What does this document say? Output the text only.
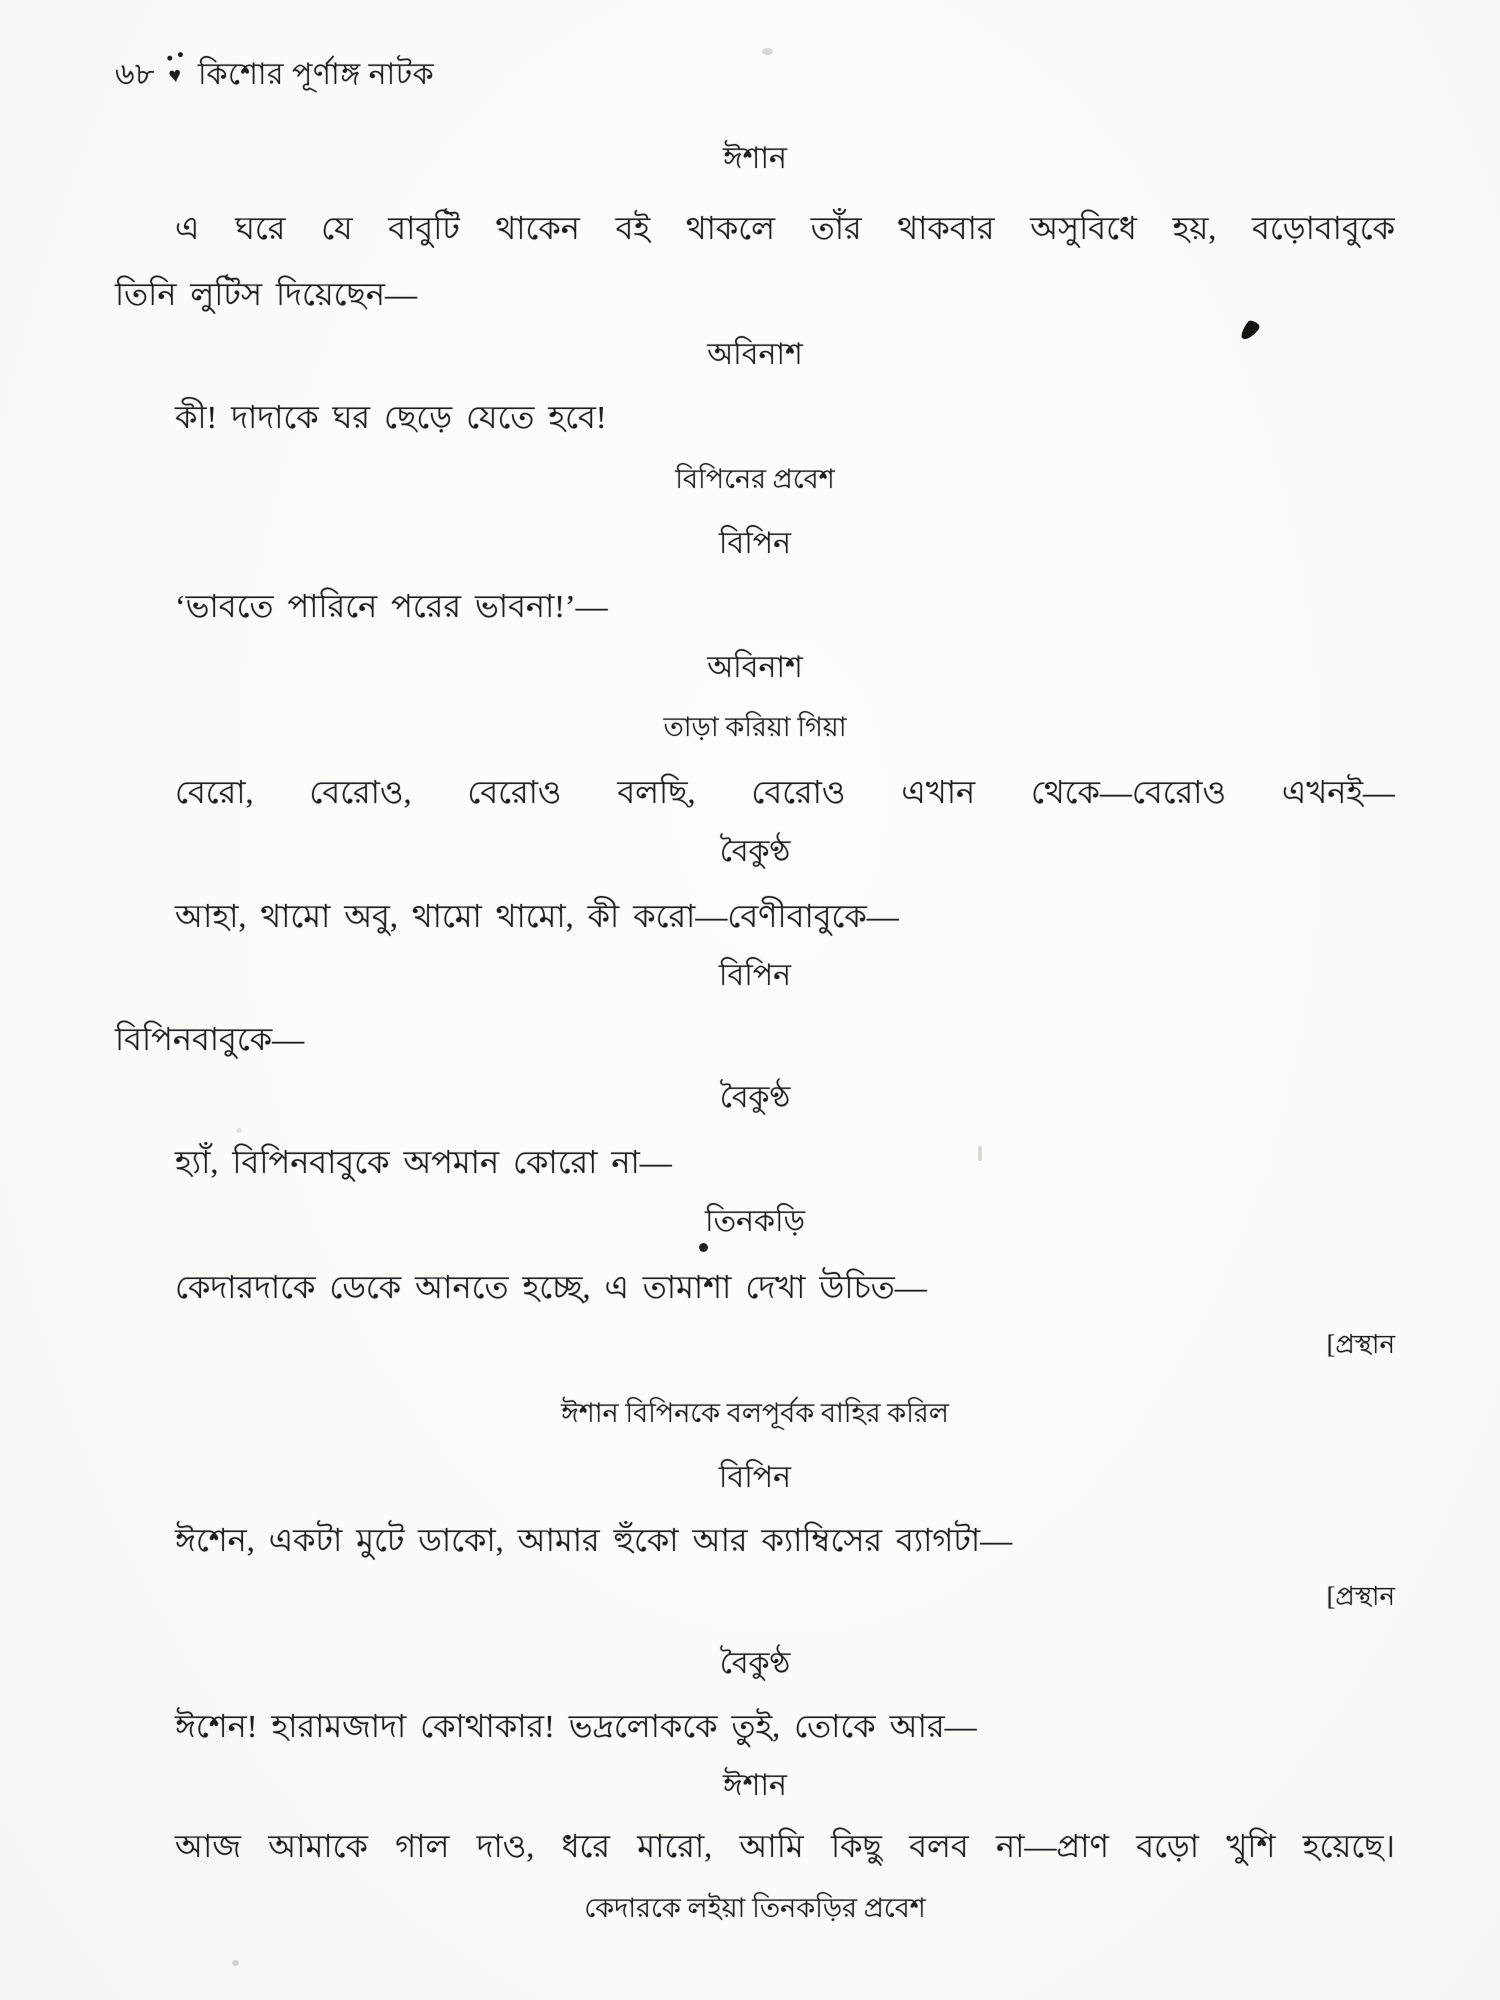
৬৮ ♥ কিশোর পূর্ণাঙ্গ নাটক
ঈশান
এ ঘরে যে বাবুটি থাকেন বই থাকলে তাঁর থাকবার অসুবিধে হয়, বড়োবাবুকে
তিনি লুটিস দিয়েছেন—
অবিনাশ
কী! দাদাকে ঘর ছেড়ে যেতে হবে!
বিপিনের প্রবেশ
বিপিন
‘ভাবতে পারিনে পরের ভাবনা!’—
অবিনাশ
তাড়া করিয়া গিয়া
বেরো, বেরোও, বেরোও বলছি, বেরোও এখান থেকে—বেরোও এখনই—
বৈকুণ্ঠ
আহা, থামো অবু, থামো থামো, কী করো—বেণীবাবুকে—
বিপিন
বিপিনবাবুকে—
বৈকুণ্ঠ
হ্যাঁ, বিপিনবাবুকে অপমান কোরো না—
তিনকড়ি
কেদারদাকে ডেকে আনতে হচ্ছে, এ তামাশা দেখা উচিত—
[প্রস্থান
ঈশান বিপিনকে বলপূর্বক বাহির করিল
বিপিন
ঈশেন, একটা মুটে ডাকো, আমার হুঁকো আর ক্যাম্বিসের ব্যাগটা—
[প্রস্থান
বৈকুণ্ঠ
ঈশেন! হারামজাদা কোথাকার! ভদ্রলোককে তুই, তোকে আর—
ঈশান
আজ আমাকে গাল দাও, ধরে মারো, আমি কিছু বলব না—প্রাণ বড়ো খুশি হয়েছে।
কেদারকে লইয়া তিনকড়ির প্রবেশ
